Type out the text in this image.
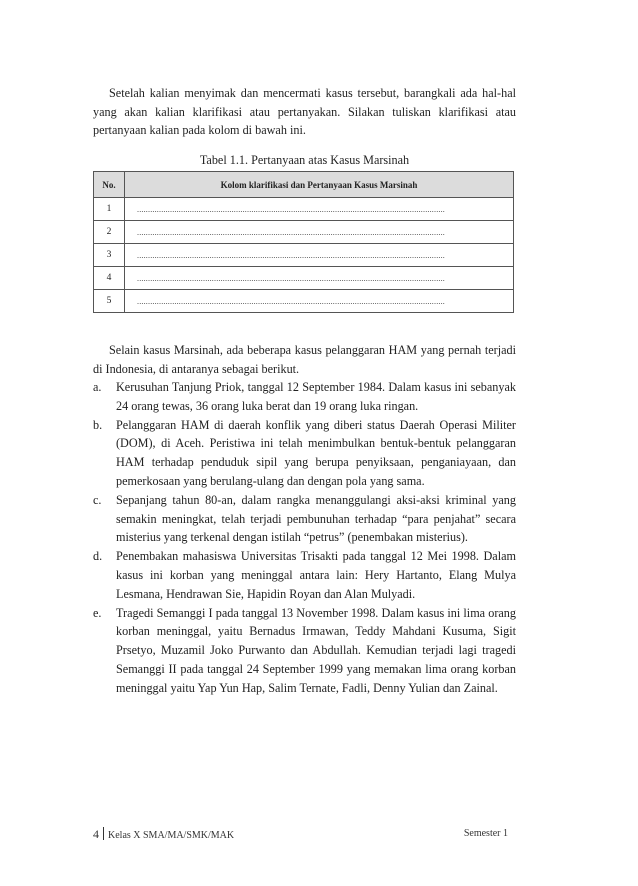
Setelah kalian menyimak dan mencermati kasus tersebut, barangkali ada hal-hal yang akan kalian klarifikasi atau pertanyakan. Silakan tuliskan klarifikasi atau pertanyaan kalian pada kolom di bawah ini.

Tabel 1.1. Pertanyaan atas Kasus Marsinah
No.	Kolom klarifikasi dan Pertanyaan Kasus Marsinah
1	............................................................................................................................................
2	............................................................................................................................................
3	............................................................................................................................................
4	............................................................................................................................................
5	............................................................................................................................................

Selain kasus Marsinah, ada beberapa kasus pelanggaran HAM yang pernah terjadi di Indonesia, di antaranya sebagai berikut.

a. Kerusuhan Tanjung Priok, tanggal 12 September 1984. Dalam kasus ini sebanyak 24 orang tewas, 36 orang luka berat dan 19 orang luka ringan.
b. Pelanggaran HAM di daerah konflik yang diberi status Daerah Operasi Militer (DOM), di Aceh. Peristiwa ini telah menimbulkan bentuk-bentuk pelanggaran HAM terhadap penduduk sipil yang berupa penyiksaan, penganiayaan, dan pemerkosaan yang berulang-ulang dan dengan pola yang sama.
c. Sepanjang tahun 80-an, dalam rangka menanggulangi aksi-aksi kriminal yang semakin meningkat, telah terjadi pembunuhan terhadap “para penjahat” secara misterius yang terkenal dengan istilah “petrus” (penembakan misterius).
d. Penembakan mahasiswa Universitas Trisakti pada tanggal 12 Mei 1998. Dalam kasus ini korban yang meninggal antara lain: Hery Hartanto, Elang Mulya Lesmana, Hendrawan Sie, Hapidin Royan dan Alan Mulyadi.
e. Tragedi Semanggi I pada tanggal 13 November 1998. Dalam kasus ini lima orang korban meninggal, yaitu Bernadus Irmawan, Teddy Mahdani Kusuma, Sigit Prsetyo, Muzamil Joko Purwanto dan Abdullah. Kemudian terjadi lagi tragedi Semanggi II pada tanggal 24 September 1999 yang memakan lima orang korban meninggal yaitu Yap Yun Hap, Salim Ternate, Fadli, Denny Yulian dan Zainal.
4 Kelas X SMA/MA/SMK/MAK	Semester 1
